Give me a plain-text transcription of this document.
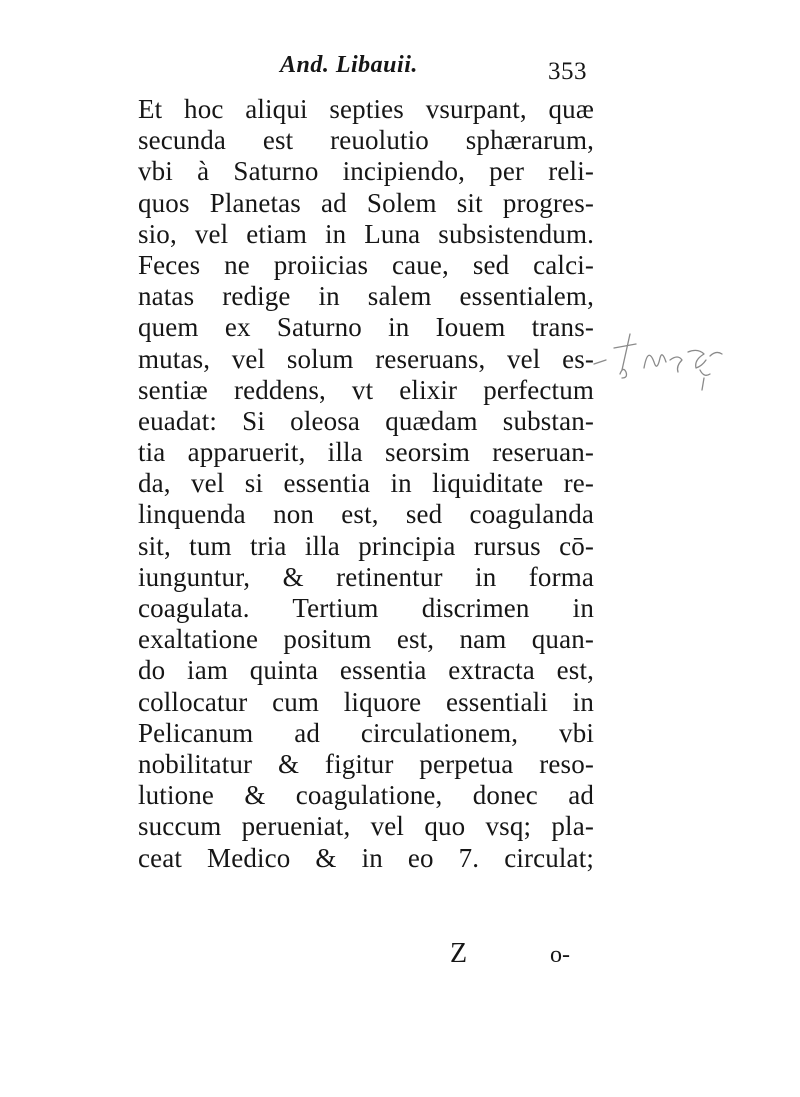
And. Libauii.	353
Et hoc aliqui septies vsurpant, quæ
secunda est reuolutio sphærarum,
vbi à Saturno incipiendo, per reli-
quos Planetas ad Solem sit progres-
sio, vel etiam in Luna subsistendum.
Feces ne proiicias caue, sed calci-
natas redige in salem essentialem,
quem ex Saturno in Iouem trans-
mutas, vel solum reseruans, vel es-
sentiæ reddens, vt elixir perfectum
euadat: Si oleosa quædam substan-
tia apparuerit, illa seorsim reseruan-
da, vel si essentia in liquiditate re-
linquenda non est, sed coagulanda
sit, tum tria illa principia rursus cō-
iunguntur, & retinentur in forma
coagulata. Tertium discrimen in
exaltatione positum est, nam quan-
do iam quinta essentia extracta est,
collocatur cum liquore essentiali in
Pelicanum ad circulationem, vbi
nobilitatur & figitur perpetua reso-
lutione & coagulatione, donec ad
succum perueniat, vel quo vsq; pla-
ceat Medico & in eo 7. circulat;
Z	o-
